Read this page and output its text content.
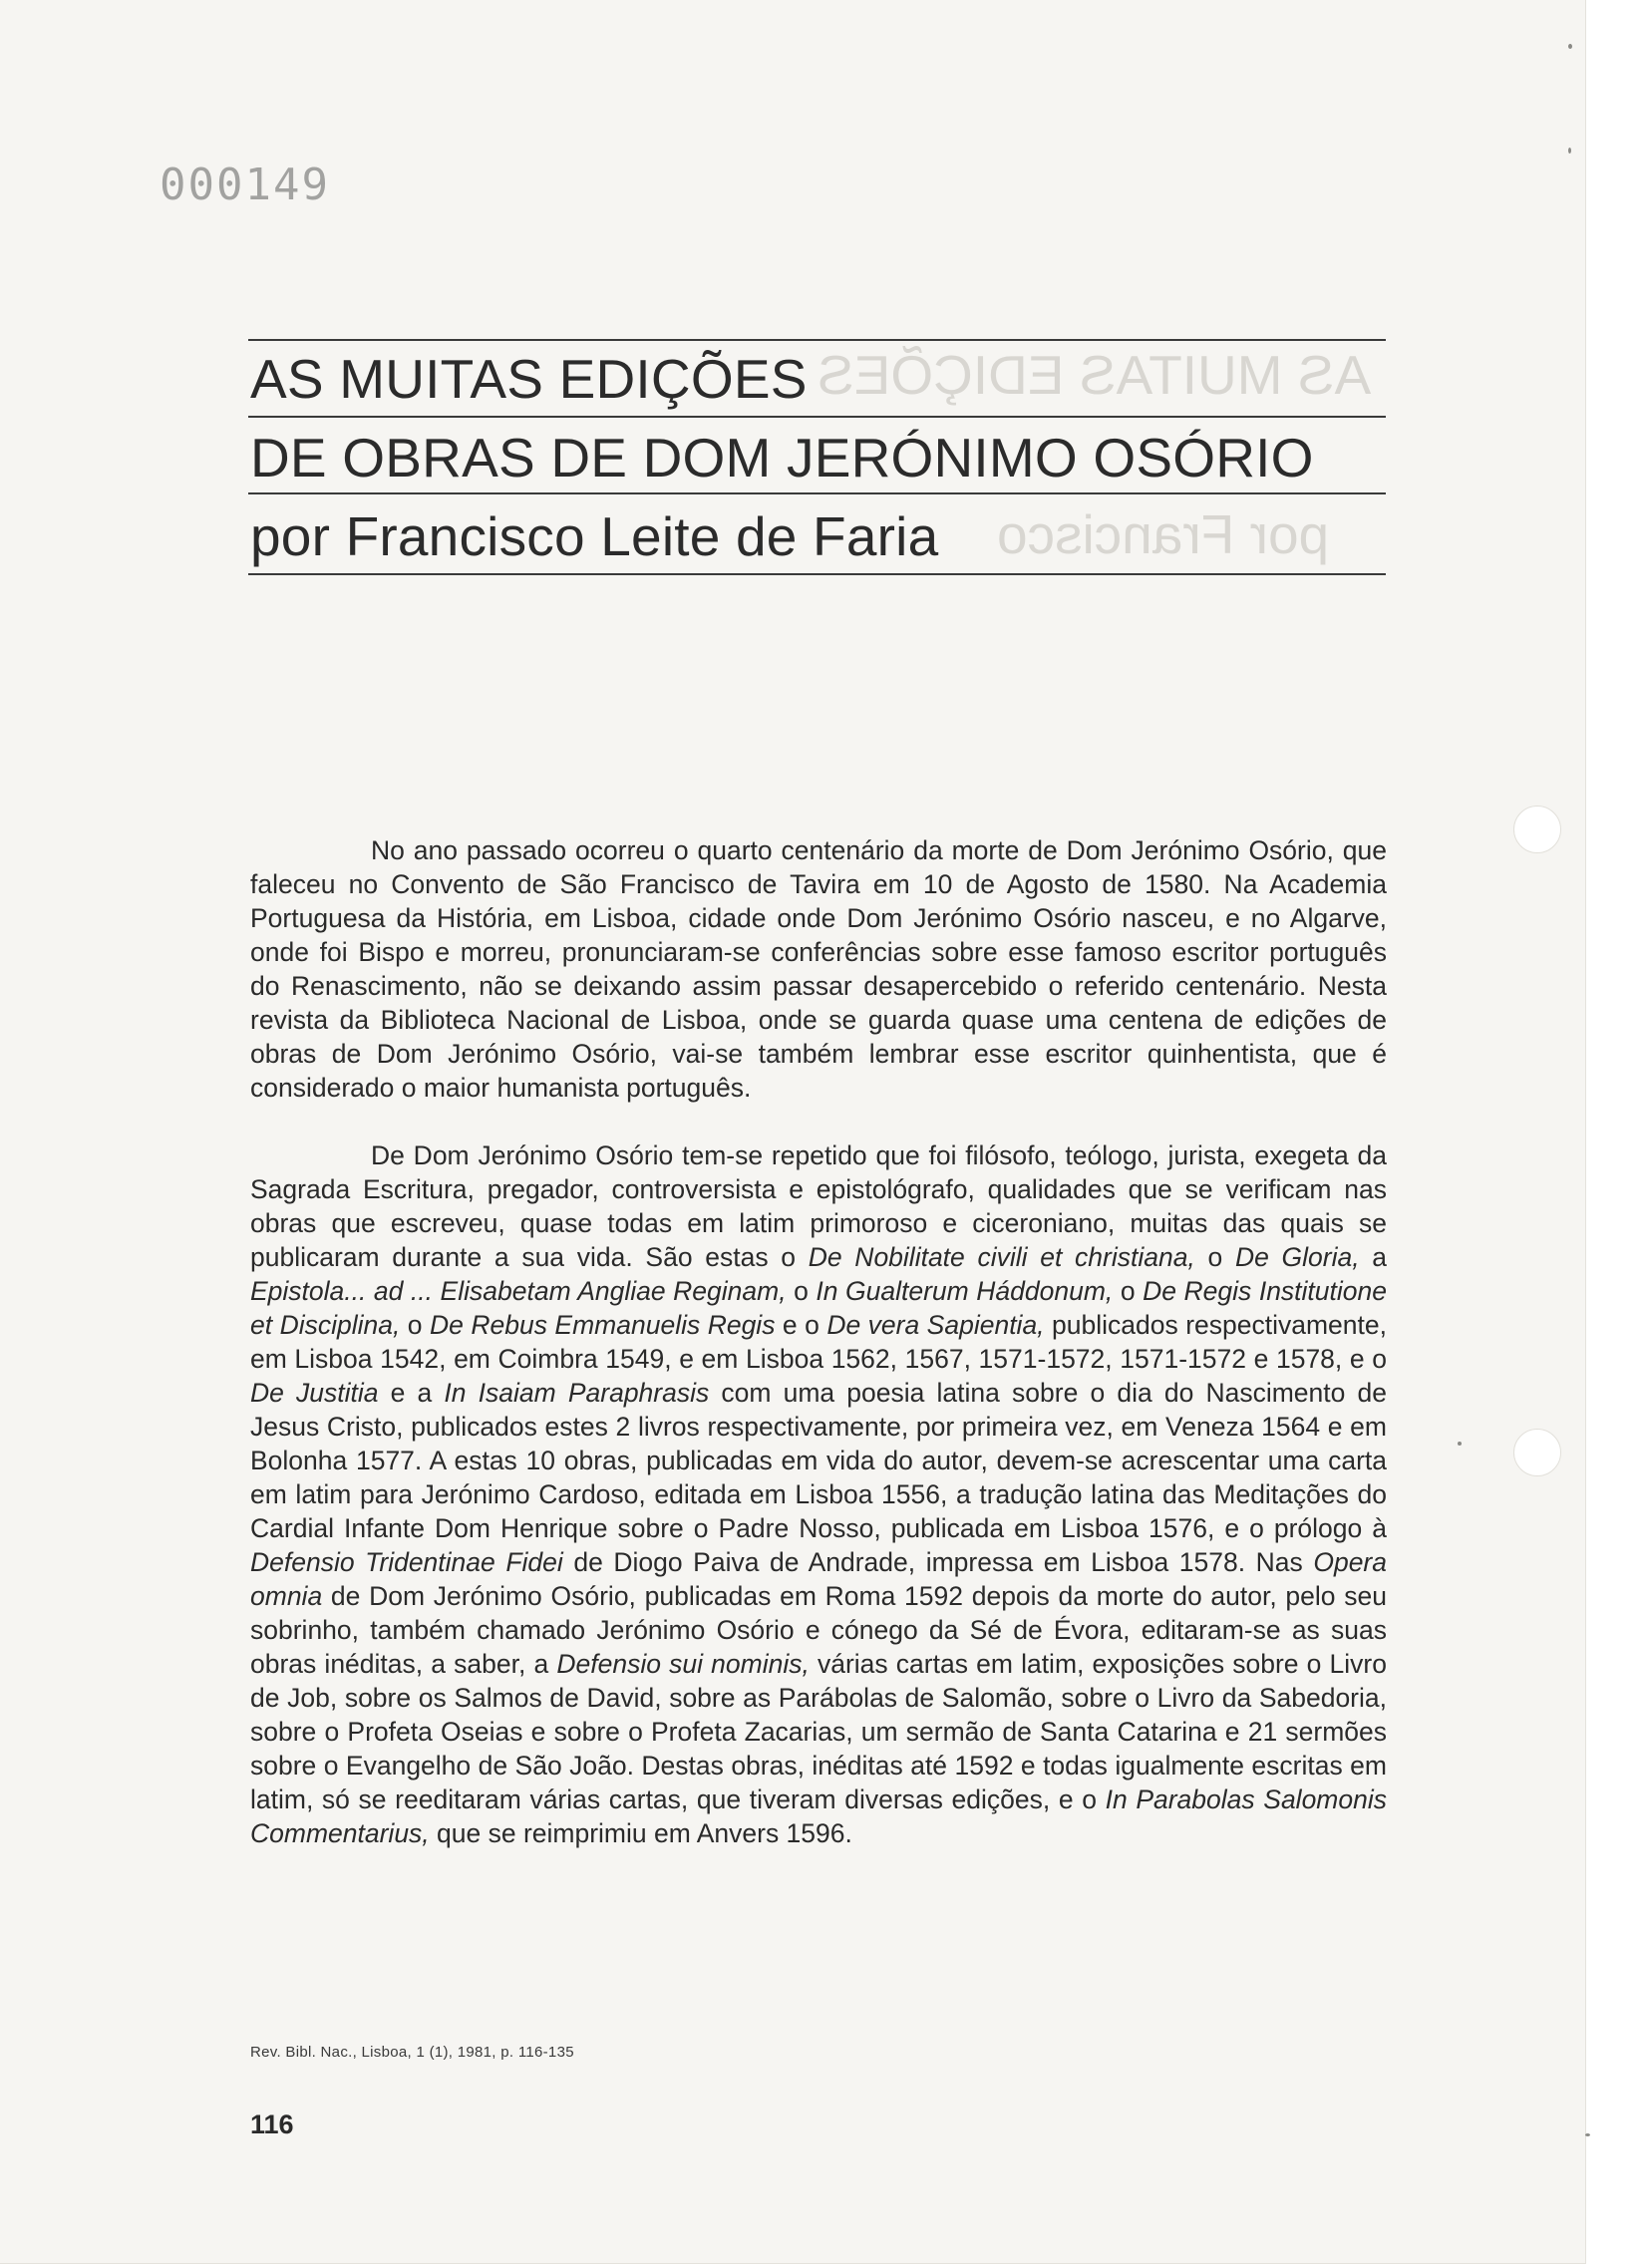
000149
AS MUITAS EDIÇÕES
por Francisco
AS MUITAS EDIÇÕES
DE OBRAS DE DOM JERÓNIMO OSÓRIO
por Francisco Leite de Faria

No ano passado ocorreu o quarto centenário da morte de Dom Jerónimo Osório, que faleceu no Convento de São Francisco de Tavira em 10 de Agosto de 1580. Na Academia Portuguesa da História, em Lisboa, cidade onde Dom Jerónimo Osório nasceu, e no Algarve, onde foi Bispo e morreu, pronunciaram-se conferências sobre esse famoso escritor português do Renascimento, não se deixando assim passar desapercebido o referido centenário. Nesta revista da Biblioteca Nacional de Lisboa, onde se guarda quase uma centena de edições de obras de Dom Jerónimo Osório, vai-se também lembrar esse escritor quinhentista, que é considerado o maior humanista português.

De Dom Jerónimo Osório tem-se repetido que foi filósofo, teólogo, jurista, exegeta da Sagrada Escritura, pregador, controversista e epistológrafo, qualidades que se verificam nas obras que escreveu, quase todas em latim primoroso e ciceroniano, muitas das quais se publicaram durante a sua vida. São estas o De Nobilitate civili et christiana, o De Gloria, a Epistola... ad ... Elisabetam Angliae Reginam, o In Gualterum Háddonum, o De Regis Institutione et Disciplina, o De Rebus Emmanuelis Regis e o De vera Sapientia, publicados respectivamente, em Lisboa 1542, em Coimbra 1549, e em Lisboa 1562, 1567, 1571-1572, 1571-1572 e 1578, e o De Justitia e a In Isaiam Paraphrasis com uma poesia latina sobre o dia do Nascimento de Jesus Cristo, publicados estes 2 livros respectivamente, por primeira vez, em Veneza 1564 e em Bolonha 1577. A estas 10 obras, publicadas em vida do autor, devem-se acrescentar uma carta em latim para Jerónimo Cardoso, editada em Lisboa 1556, a tradução latina das Meditações do Cardial Infante Dom Henrique sobre o Padre Nosso, publicada em Lisboa 1576, e o prólogo à Defensio Tridentinae Fidei de Diogo Paiva de Andrade, impressa em Lisboa 1578. Nas Opera omnia de Dom Jerónimo Osório, publicadas em Roma 1592 depois da morte do autor, pelo seu sobrinho, também chamado Jerónimo Osório e cónego da Sé de Évora, editaram-se as suas obras inéditas, a saber, a Defensio sui nominis, várias cartas em latim, exposições sobre o Livro de Job, sobre os Salmos de David, sobre as Parábolas de Salomão, sobre o Livro da Sabedoria, sobre o Profeta Oseias e sobre o Profeta Zacarias, um sermão de Santa Catarina e 21 sermões sobre o Evangelho de São João. Destas obras, inéditas até 1592 e todas igualmente escritas em latim, só se reeditaram várias cartas, que tiveram diversas edições, e o In Parabolas Salomonis Commentarius, que se reimprimiu em Anvers 1596.

Rev. Bibl. Nac., Lisboa, 1 (1), 1981, p. 116-135
116
